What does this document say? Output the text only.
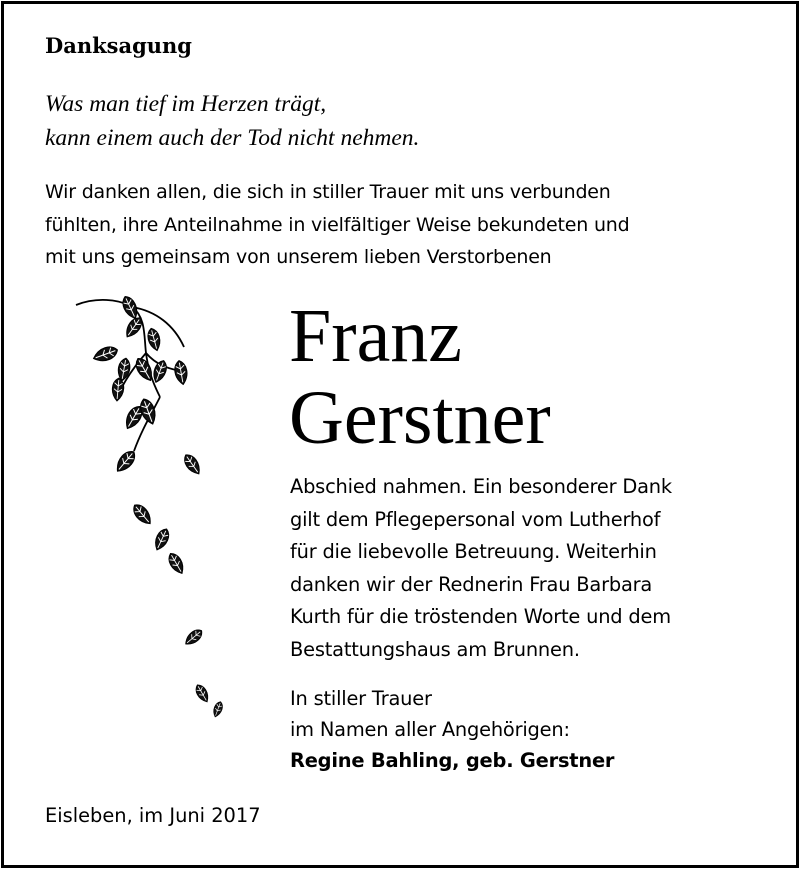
Danksagung
Was man tief im Herzen trägt,
kann einem auch der Tod nicht nehmen.
Wir danken allen, die sich in stiller Trauer mit uns verbunden
fühlten, ihre Anteilnahme in vielfältiger Weise bekundeten und
mit uns gemeinsam von unserem lieben Verstorbenen
Franz
Gerstner
Abschied nahmen. Ein besonderer Dank
gilt dem Pflegepersonal vom Lutherhof
für die liebevolle Betreuung. Weiterhin
danken wir der Rednerin Frau Barbara
Kurth für die tröstenden Worte und dem
Bestattungshaus am Brunnen.
In stiller Trauer
im Namen aller Angehörigen:
Regine Bahling, geb. Gerstner
Eisleben, im Juni 2017
